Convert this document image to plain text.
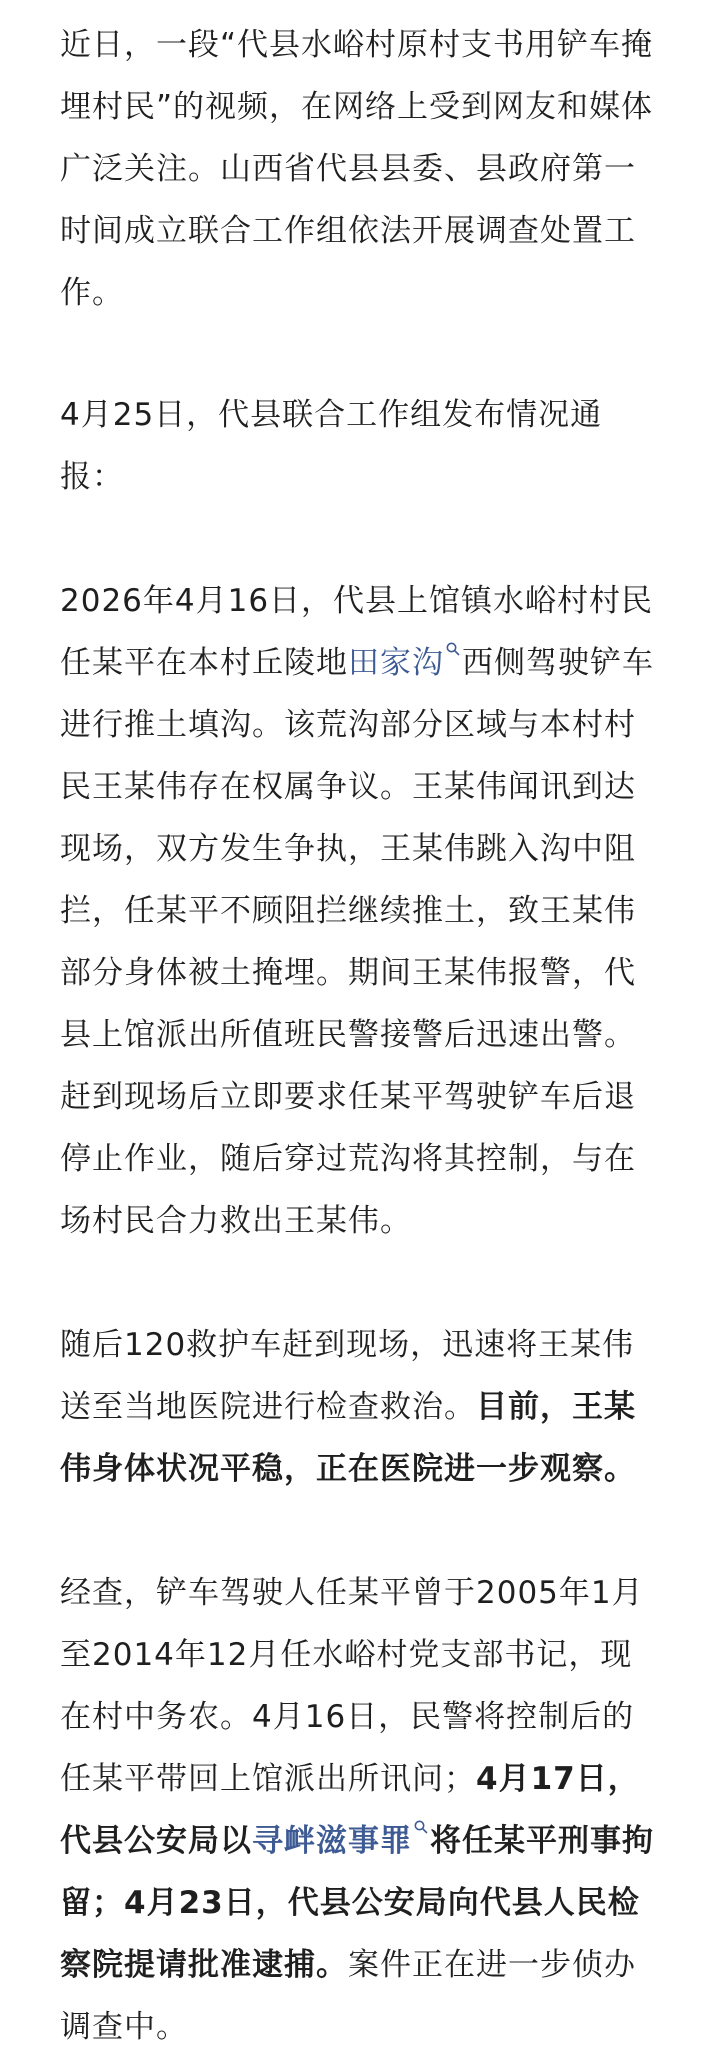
近日，一段“代县水峪村原村支书用铲车掩埋村民”的视频，在网络上受到网友和媒体广泛关注。山西省代县县委、县政府第一时间成立联合工作组依法开展调查处置工作。

4月25日，代县联合工作组发布情况通报：

2026年4月16日，代县上馆镇水峪村村民任某平在本村丘陵地田家沟 西侧驾驶铲车进行推土填沟。该荒沟部分区域与本村村民王某伟存在权属争议。王某伟闻讯到达现场，双方发生争执，王某伟跳入沟中阻拦，任某平不顾阻拦继续推土，致王某伟部分身体被土掩埋。期间王某伟报警，代县上馆派出所值班民警接警后迅速出警。赶到现场后立即要求任某平驾驶铲车后退停止作业，随后穿过荒沟将其控制，与在场村民合力救出王某伟。

随后120救护车赶到现场，迅速将王某伟送至当地医院进行检查救治。目前，王某伟身体状况平稳，正在医院进一步观察。

经查，铲车驾驶人任某平曾于2005年1月至2014年12月任水峪村党支部书记，现在村中务农。4月16日，民警将控制后的任某平带回上馆派出所讯问；4月17日，代县公安局以寻衅滋事罪 将任某平刑事拘留；4月23日，代县公安局向代县人民检察院提请批准逮捕。案件正在进一步侦办调查中。
